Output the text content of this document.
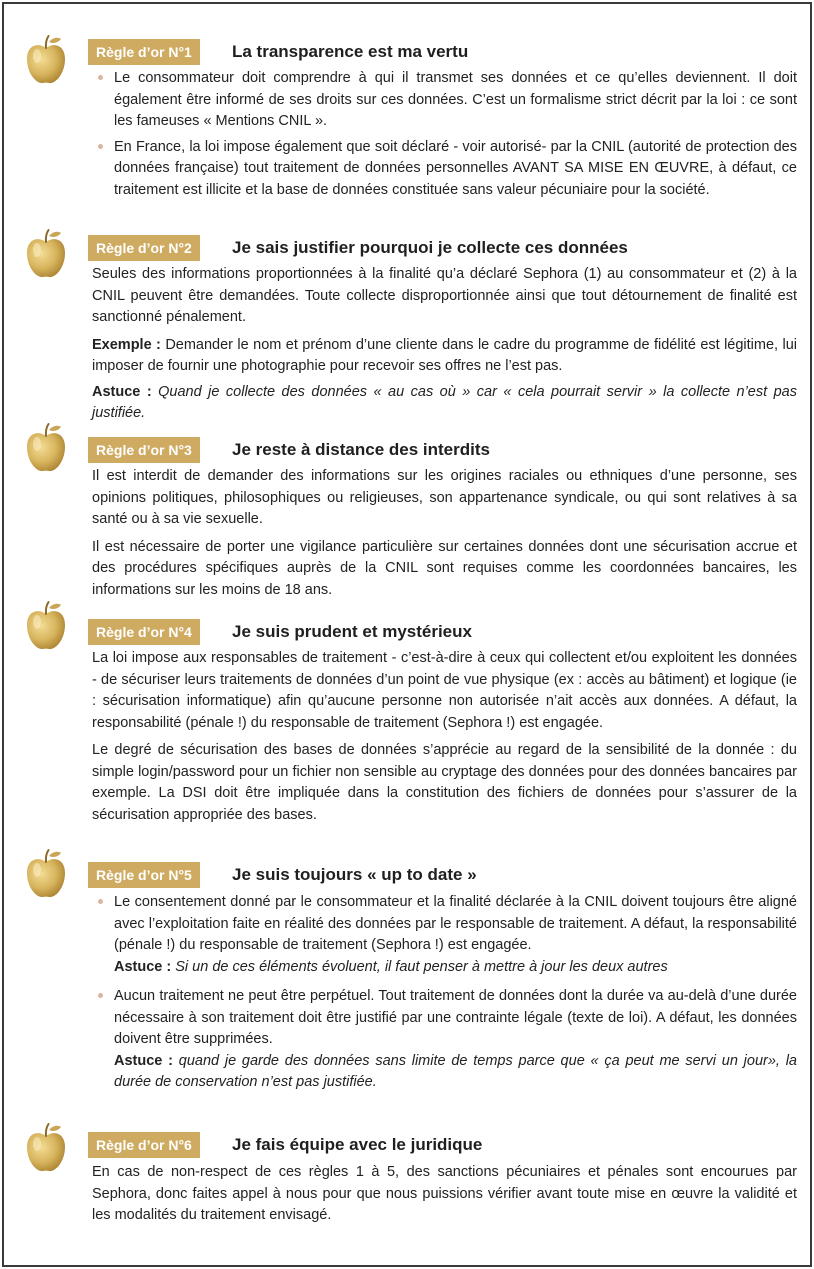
Règle d’or N°1	La transparence est ma vertu
Le consommateur doit comprendre à qui il transmet ses données et ce qu’elles deviennent. Il doit également être informé de ses droits sur ces données. C’est un formalisme strict décrit par la loi : ce sont les fameuses « Mentions CNIL ».
En France, la loi impose également que soit déclaré - voir autorisé- par la CNIL (autorité de protection des données française) tout traitement de données personnelles AVANT SA MISE EN ŒUVRE, à défaut, ce traitement est illicite et la base de données constituée sans valeur pécuniaire pour la société.
Règle d’or N°2	Je sais justifier pourquoi je collecte ces données

Seules des informations proportionnées à la finalité qu’a déclaré Sephora (1) au consommateur et (2) à la CNIL peuvent être demandées. Toute collecte disproportionnée ainsi que tout détournement de finalité est sanctionné pénalement.

Exemple : Demander le nom et prénom d’une cliente dans le cadre du programme de fidélité est légitime, lui imposer de fournir une photographie pour recevoir ses offres ne l’est pas.

Astuce : Quand je collecte des données « au cas où » car « cela pourrait servir » la collecte n’est pas justifiée.

Règle d’or N°3	Je reste à distance des interdits

Il est interdit de demander des informations sur les origines raciales ou ethniques d’une personne, ses opinions politiques, philosophiques ou religieuses, son appartenance syndicale, ou qui sont relatives à sa santé ou à sa vie sexuelle.

Il est nécessaire de porter une vigilance particulière sur certaines données dont une sécurisation accrue et des procédures spécifiques auprès de la CNIL sont requises comme les coordonnées bancaires, les informations sur les moins de 18 ans.

Règle d’or N°4	Je suis prudent et mystérieux

La loi impose aux responsables de traitement - c’est-à-dire à ceux qui collectent et/ou exploitent les données - de sécuriser leurs traitements de données d’un point de vue physique (ex : accès au bâtiment) et logique (ie : sécurisation informatique) afin qu’aucune personne non autorisée n’ait accès aux données. A défaut, la responsabilité (pénale !) du responsable de traitement (Sephora !) est engagée.

Le degré de sécurisation des bases de données s’apprécie au regard de la sensibilité de la donnée : du simple login/password pour un fichier non sensible au cryptage des données pour des données bancaires par exemple. La DSI doit être impliquée dans la constitution des fichiers de données pour s’assurer de la sécurisation appropriée des bases.

Règle d’or N°5	Je suis toujours « up to date »
Le consentement donné par le consommateur et la finalité déclarée à la CNIL doivent toujours être aligné avec l’exploitation faite en réalité des données par le responsable de traitement. A défaut, la responsabilité (pénale !) du responsable de traitement (Sephora !) est engagée.
Astuce : Si un de ces éléments évoluent, il faut penser à mettre à jour les deux autres
Aucun traitement ne peut être perpétuel. Tout traitement de données dont la durée va au-delà d’une durée nécessaire à son traitement doit être justifié par une contrainte légale (texte de loi). A défaut, les données doivent être supprimées.
Astuce : quand je garde des données sans limite de temps parce que « ça peut me servi un jour», la durée de conservation n’est pas justifiée.
Règle d’or N°6	Je fais équipe avec le juridique

En cas de non-respect de ces règles 1 à 5, des sanctions pécuniaires et pénales sont encourues par Sephora, donc faites appel à nous pour que nous puissions vérifier avant toute mise en œuvre la validité et les modalités du traitement envisagé.
